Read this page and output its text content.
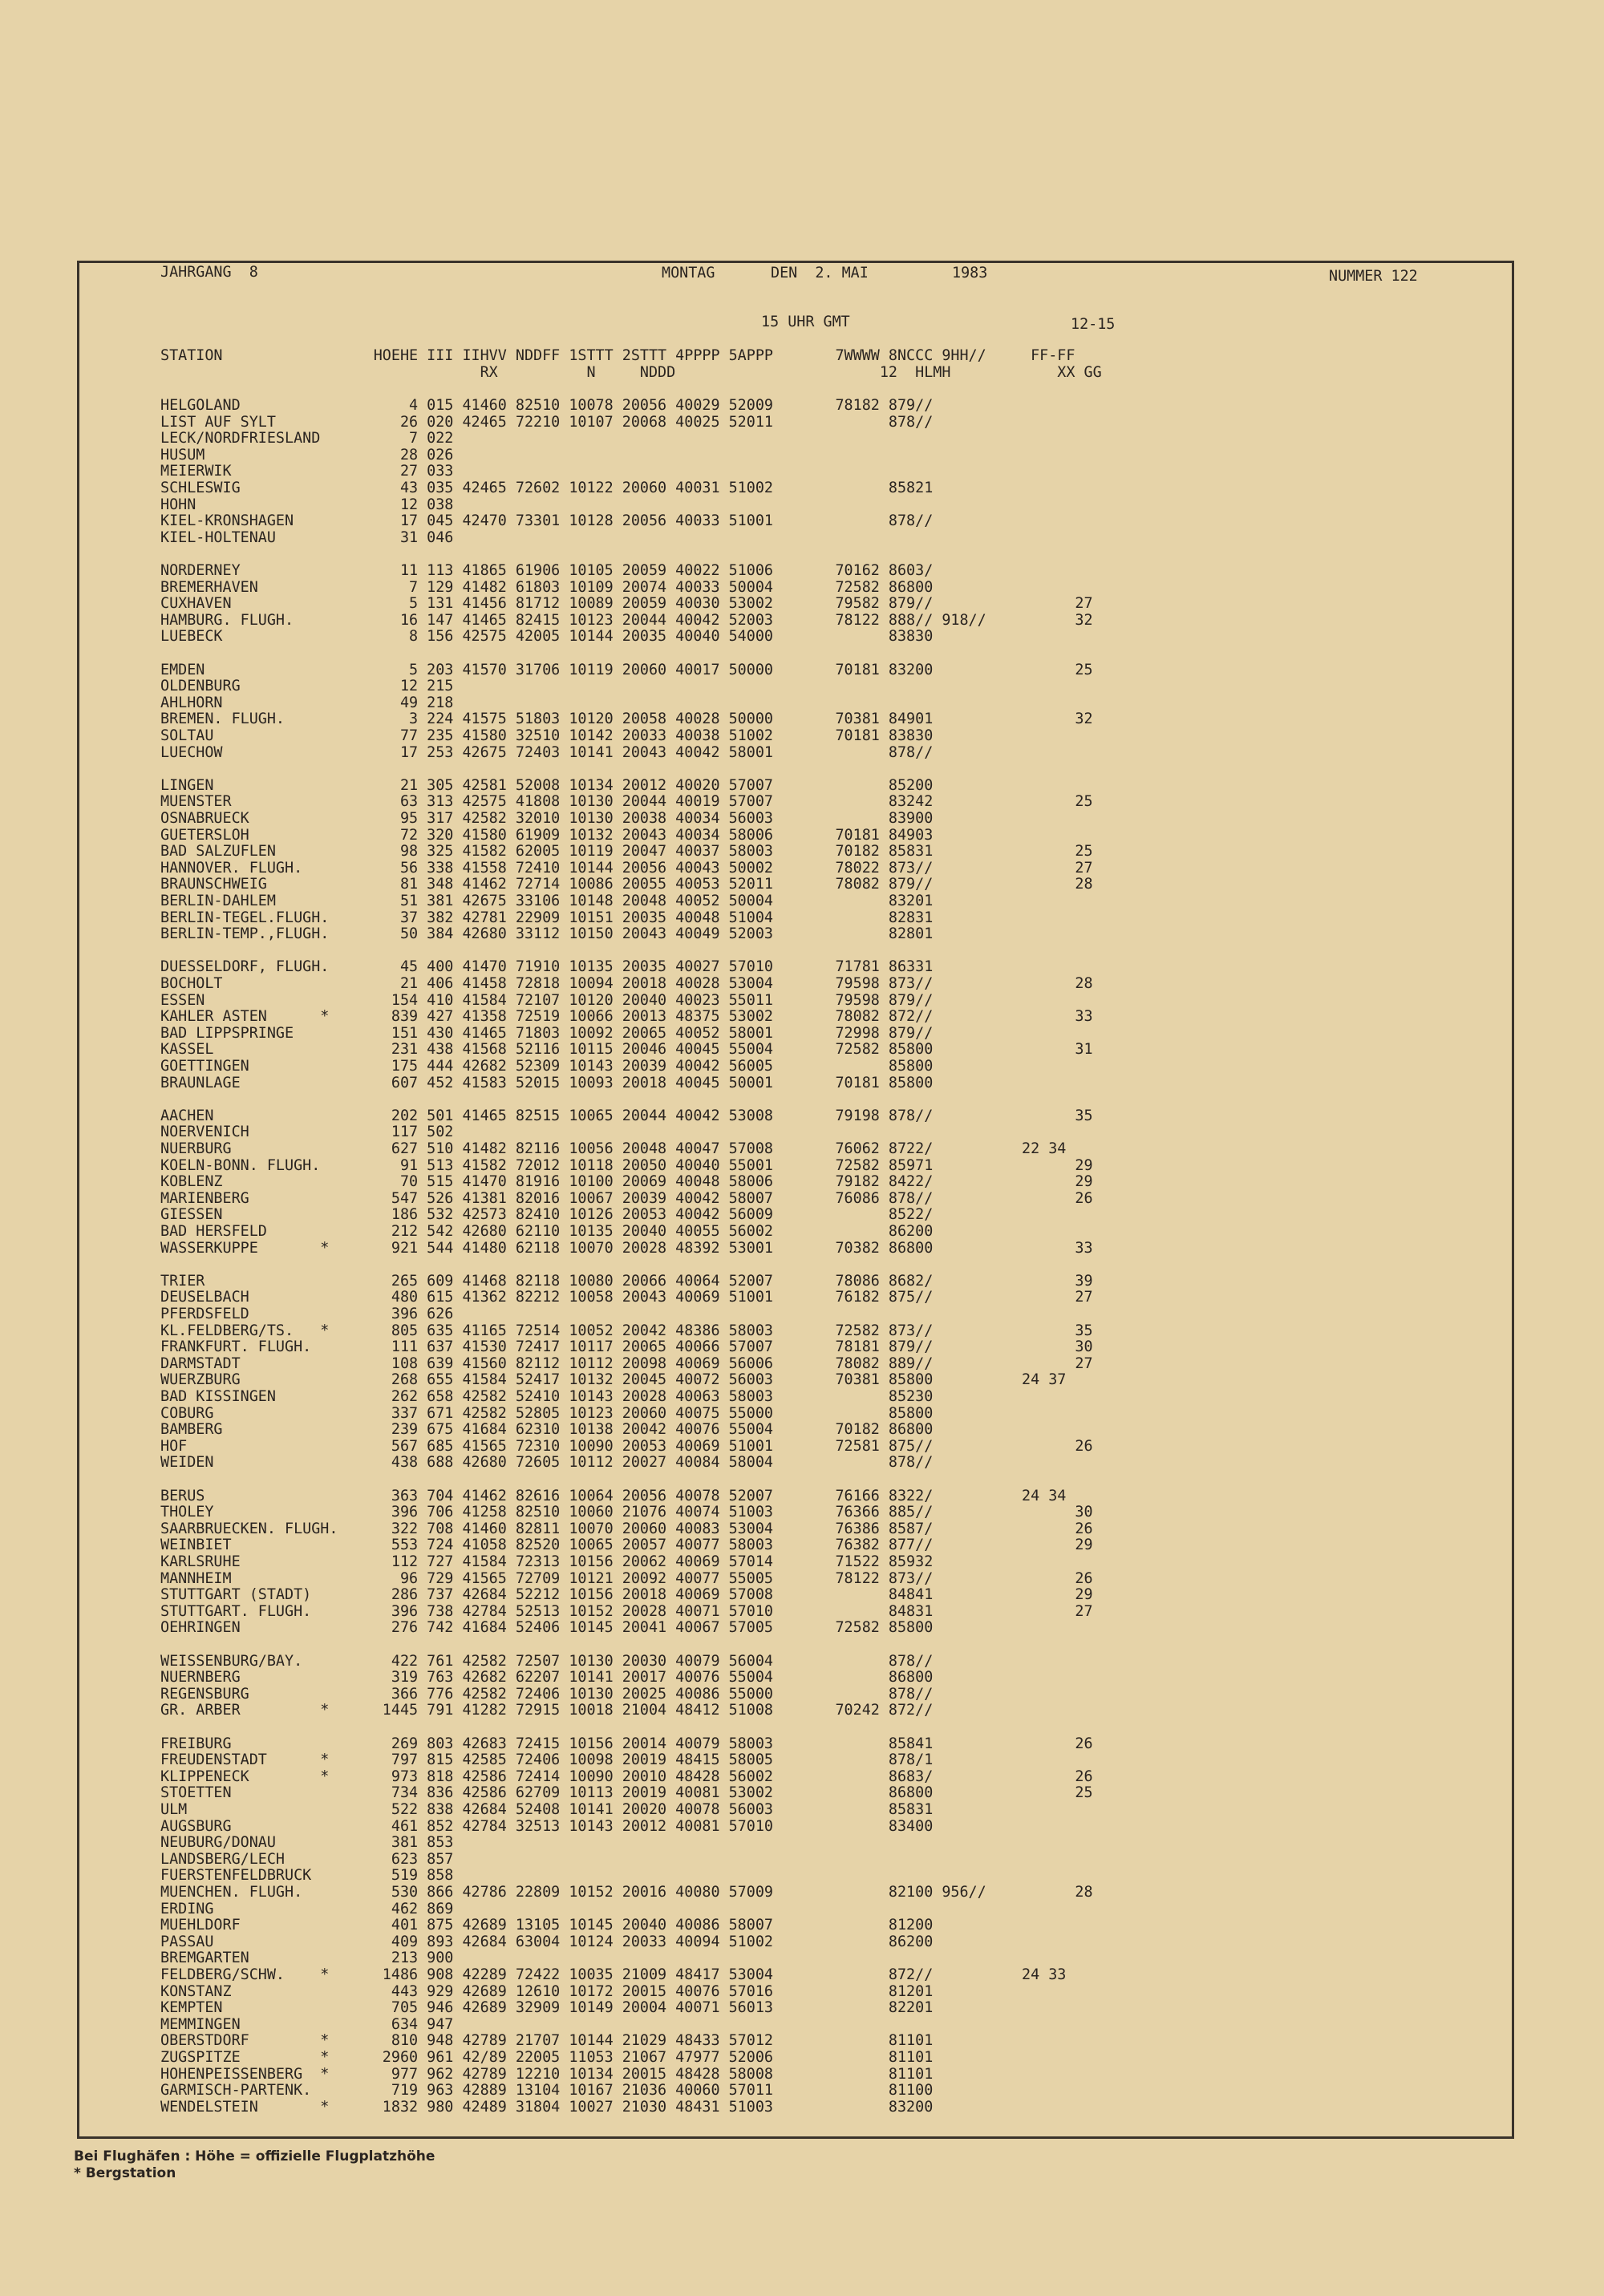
JAHRGANG  8	MONTAG	DEN  2. MAI	1983	NUMMER 122
15 UHR GMT	12-15
STATION                 HOEHE III IIHVV NDDFF 1STTT 2STTT 4PPPP 5APPP       7WWWW 8NCCC 9HH//     FF-FF
RX          N     NDDD                       12  HLMH            XX GG
HELGOLAND                   4 015 41460 82510 10078 20056 40029 52009       78182 879//
LIST AUF SYLT              26 020 42465 72210 10107 20068 40025 52011             878//
LECK/NORDFRIESLAND          7 022
HUSUM                      28 026
MEIERWIK                   27 033
SCHLESWIG                  43 035 42465 72602 10122 20060 40031 51002             85821
HOHN                       12 038
KIEL-KRONSHAGEN            17 045 42470 73301 10128 20056 40033 51001             878//
KIEL-HOLTENAU              31 046
NORDERNEY                  11 113 41865 61906 10105 20059 40022 51006       70162 8603/
BREMERHAVEN                 7 129 41482 61803 10109 20074 40033 50004       72582 86800
CUXHAVEN                    5 131 41456 81712 10089 20059 40030 53002       79582 879//                27
HAMBURG. FLUGH.            16 147 41465 82415 10123 20044 40042 52003       78122 888// 918//          32
LUEBECK                     8 156 42575 42005 10144 20035 40040 54000             83830
EMDEN                       5 203 41570 31706 10119 20060 40017 50000       70181 83200                25
OLDENBURG                  12 215
AHLHORN                    49 218
BREMEN. FLUGH.              3 224 41575 51803 10120 20058 40028 50000       70381 84901                32
SOLTAU                     77 235 41580 32510 10142 20033 40038 51002       70181 83830
LUECHOW                    17 253 42675 72403 10141 20043 40042 58001             878//
LINGEN                     21 305 42581 52008 10134 20012 40020 57007             85200
MUENSTER                   63 313 42575 41808 10130 20044 40019 57007             83242                25
OSNABRUECK                 95 317 42582 32010 10130 20038 40034 56003             83900
GUETERSLOH                 72 320 41580 61909 10132 20043 40034 58006       70181 84903
BAD SALZUFLEN              98 325 41582 62005 10119 20047 40037 58003       70182 85831                25
HANNOVER. FLUGH.           56 338 41558 72410 10144 20056 40043 50002       78022 873//                27
BRAUNSCHWEIG               81 348 41462 72714 10086 20055 40053 52011       78082 879//                28
BERLIN-DAHLEM              51 381 42675 33106 10148 20048 40052 50004             83201
BERLIN-TEGEL.FLUGH.        37 382 42781 22909 10151 20035 40048 51004             82831
BERLIN-TEMP.,FLUGH.        50 384 42680 33112 10150 20043 40049 52003             82801
DUESSELDORF, FLUGH.        45 400 41470 71910 10135 20035 40027 57010       71781 86331
BOCHOLT                    21 406 41458 72818 10094 20018 40028 53004       79598 873//                28
ESSEN                     154 410 41584 72107 10120 20040 40023 55011       79598 879//
KAHLER ASTEN      *       839 427 41358 72519 10066 20013 48375 53002       78082 872//                33
BAD LIPPSPRINGE           151 430 41465 71803 10092 20065 40052 58001       72998 879//
KASSEL                    231 438 41568 52116 10115 20046 40045 55004       72582 85800                31
GOETTINGEN                175 444 42682 52309 10143 20039 40042 56005             85800
BRAUNLAGE                 607 452 41583 52015 10093 20018 40045 50001       70181 85800
AACHEN                    202 501 41465 82515 10065 20044 40042 53008       79198 878//                35
NOERVENICH                117 502
NUERBURG                  627 510 41482 82116 10056 20048 40047 57008       76062 8722/          22 34
KOELN-BONN. FLUGH.         91 513 41582 72012 10118 20050 40040 55001       72582 85971                29
KOBLENZ                    70 515 41470 81916 10100 20069 40048 58006       79182 8422/                29
MARIENBERG                547 526 41381 82016 10067 20039 40042 58007       76086 878//                26
GIESSEN                   186 532 42573 82410 10126 20053 40042 56009             8522/
BAD HERSFELD              212 542 42680 62110 10135 20040 40055 56002             86200
WASSERKUPPE       *       921 544 41480 62118 10070 20028 48392 53001       70382 86800                33
TRIER                     265 609 41468 82118 10080 20066 40064 52007       78086 8682/                39
DEUSELBACH                480 615 41362 82212 10058 20043 40069 51001       76182 875//                27
PFERDSFELD                396 626
KL.FELDBERG/TS.   *       805 635 41165 72514 10052 20042 48386 58003       72582 873//                35
FRANKFURT. FLUGH.         111 637 41530 72417 10117 20065 40066 57007       78181 879//                30
DARMSTADT                 108 639 41560 82112 10112 20098 40069 56006       78082 889//                27
WUERZBURG                 268 655 41584 52417 10132 20045 40072 56003       70381 85800          24 37
BAD KISSINGEN             262 658 42582 52410 10143 20028 40063 58003             85230
COBURG                    337 671 42582 52805 10123 20060 40075 55000             85800
BAMBERG                   239 675 41684 62310 10138 20042 40076 55004       70182 86800
HOF                       567 685 41565 72310 10090 20053 40069 51001       72581 875//                26
WEIDEN                    438 688 42680 72605 10112 20027 40084 58004             878//
BERUS                     363 704 41462 82616 10064 20056 40078 52007       76166 8322/          24 34
THOLEY                    396 706 41258 82510 10060 21076 40074 51003       76366 885//                30
SAARBRUECKEN. FLUGH.      322 708 41460 82811 10070 20060 40083 53004       76386 8587/                26
WEINBIET                  553 724 41058 82520 10065 20057 40077 58003       76382 877//                29
KARLSRUHE                 112 727 41584 72313 10156 20062 40069 57014       71522 85932
MANNHEIM                   96 729 41565 72709 10121 20092 40077 55005       78122 873//                26
STUTTGART (STADT)         286 737 42684 52212 10156 20018 40069 57008             84841                29
STUTTGART. FLUGH.         396 738 42784 52513 10152 20028 40071 57010             84831                27
OEHRINGEN                 276 742 41684 52406 10145 20041 40067 57005       72582 85800
WEISSENBURG/BAY.          422 761 42582 72507 10130 20030 40079 56004             878//
NUERNBERG                 319 763 42682 62207 10141 20017 40076 55004             86800
REGENSBURG                366 776 42582 72406 10130 20025 40086 55000             878//
GR. ARBER         *      1445 791 41282 72915 10018 21004 48412 51008       70242 872//
FREIBURG                  269 803 42683 72415 10156 20014 40079 58003             85841                26
FREUDENSTADT      *       797 815 42585 72406 10098 20019 48415 58005             878/1
KLIPPENECK        *       973 818 42586 72414 10090 20010 48428 56002             8683/                26
STOETTEN                  734 836 42586 62709 10113 20019 40081 53002             86800                25
ULM                       522 838 42684 52408 10141 20020 40078 56003             85831
AUGSBURG                  461 852 42784 32513 10143 20012 40081 57010             83400
NEUBURG/DONAU             381 853
LANDSBERG/LECH            623 857
FUERSTENFELDBRUCK         519 858
MUENCHEN. FLUGH.          530 866 42786 22809 10152 20016 40080 57009             82100 956//          28
ERDING                    462 869
MUEHLDORF                 401 875 42689 13105 10145 20040 40086 58007             81200
PASSAU                    409 893 42684 63004 10124 20033 40094 51002             86200
BREMGARTEN                213 900
FELDBERG/SCHW.    *      1486 908 42289 72422 10035 21009 48417 53004             872//          24 33
KONSTANZ                  443 929 42689 12610 10172 20015 40076 57016             81201
KEMPTEN                   705 946 42689 32909 10149 20004 40071 56013             82201
MEMMINGEN                 634 947
OBERSTDORF        *       810 948 42789 21707 10144 21029 48433 57012             81101
ZUGSPITZE         *      2960 961 42/89 22005 11053 21067 47977 52006             81101
HOHENPEISSENBERG  *       977 962 42789 12210 10134 20015 48428 58008             81101
GARMISCH-PARTENK.         719 963 42889 13104 10167 21036 40060 57011             81100
WENDELSTEIN       *      1832 980 42489 31804 10027 21030 48431 51003             83200
Bei Flughäfen : Höhe = offizielle Flugplatzhöhe
* Bergstation
